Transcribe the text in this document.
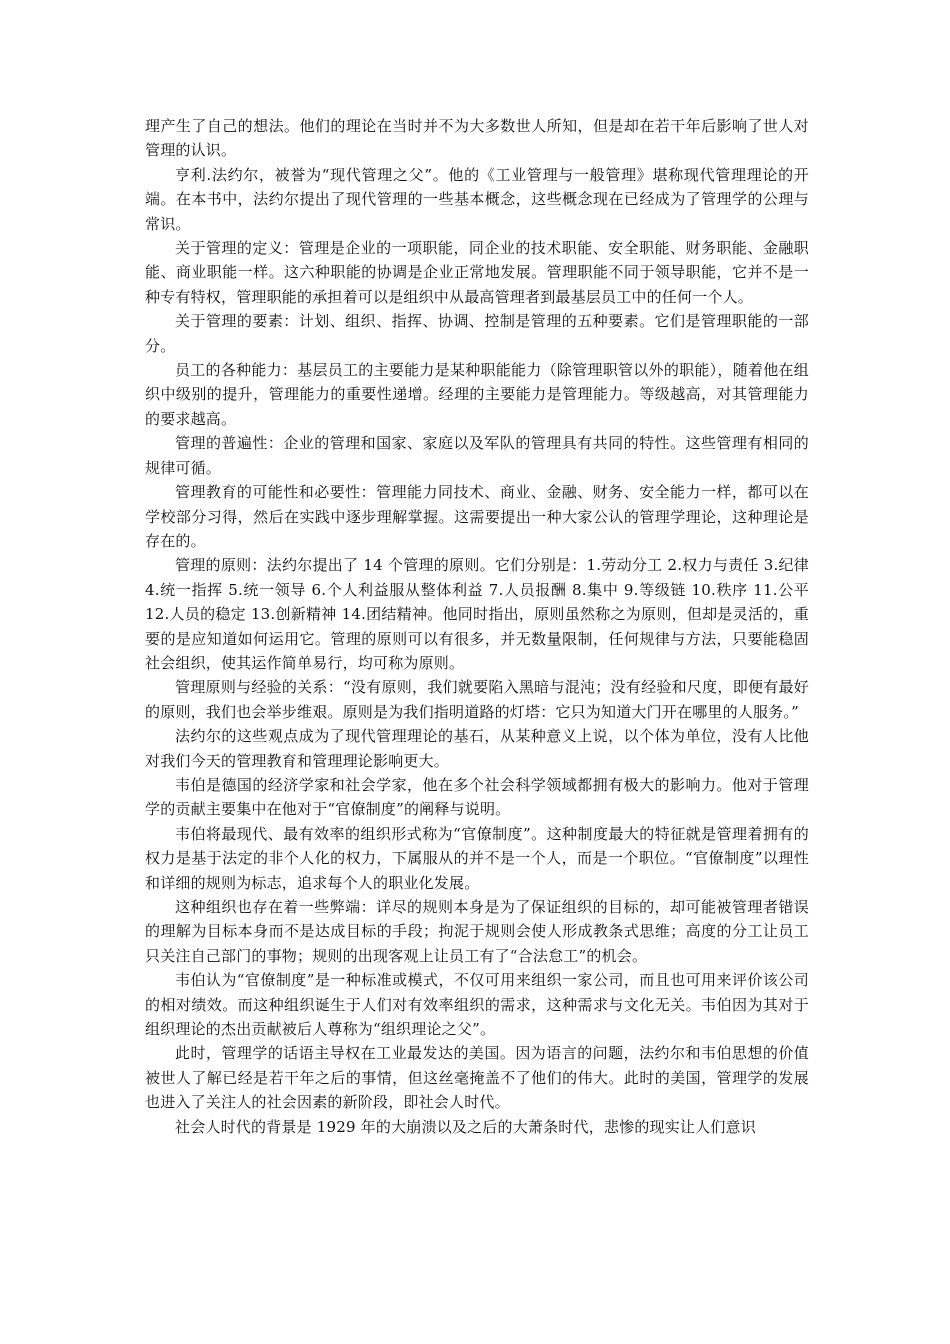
理产生了自己的想法。他们的理论在当时并不为大多数世人所知，但是却在若干年后影响了世人对管理的认识。

亨利.法约尔，被誉为“现代管理之父”。他的《工业管理与一般管理》堪称现代管理理论的开端。在本书中，法约尔提出了现代管理的一些基本概念，这些概念现在已经成为了管理学的公理与常识。

关于管理的定义：管理是企业的一项职能，同企业的技术职能、安全职能、财务职能、金融职能、商业职能一样。这六种职能的协调是企业正常地发展。管理职能不同于领导职能，它并不是一种专有特权，管理职能的承担着可以是组织中从最高管理者到最基层员工中的任何一个人。

关于管理的要素：计划、组织、指挥、协调、控制是管理的五种要素。它们是管理职能的一部分。

员工的各种能力：基层员工的主要能力是某种职能能力（除管理职管以外的职能），随着他在组织中级别的提升，管理能力的重要性递增。经理的主要能力是管理能力。等级越高，对其管理能力的要求越高。

管理的普遍性：企业的管理和国家、家庭以及军队的管理具有共同的特性。这些管理有相同的规律可循。

管理教育的可能性和必要性：管理能力同技术、商业、金融、财务、安全能力一样，都可以在学校部分习得，然后在实践中逐步理解掌握。这需要提出一种大家公认的管理学理论，这种理论是存在的。

管理的原则：法约尔提出了 14 个管理的原则。它们分别是：1.劳动分工 2.权力与责任 3.纪律 4.统一指挥 5.统一领导 6.个人利益服从整体利益 7.人员报酬 8.集中 9.等级链 10.秩序 11.公平 12.人员的稳定 13.创新精神 14.团结精神。他同时指出，原则虽然称之为原则，但却是灵活的，重要的是应知道如何运用它。管理的原则可以有很多，并无数量限制，任何规律与方法，只要能稳固社会组织，使其运作简单易行，均可称为原则。

管理原则与经验的关系：“没有原则，我们就要陷入黑暗与混沌；没有经验和尺度，即便有最好的原则，我们也会举步维艰。原则是为我们指明道路的灯塔：它只为知道大门开在哪里的人服务。”

法约尔的这些观点成为了现代管理理论的基石，从某种意义上说，以个体为单位，没有人比他对我们今天的管理教育和管理理论影响更大。

韦伯是德国的经济学家和社会学家，他在多个社会科学领域都拥有极大的影响力。他对于管理学的贡献主要集中在他对于“官僚制度”的阐释与说明。

韦伯将最现代、最有效率的组织形式称为“官僚制度”。这种制度最大的特征就是管理着拥有的权力是基于法定的非个人化的权力，下属服从的并不是一个人，而是一个职位。“官僚制度”以理性和详细的规则为标志，追求每个人的职业化发展。

这种组织也存在着一些弊端：详尽的规则本身是为了保证组织的目标的，却可能被管理者错误的理解为目标本身而不是达成目标的手段；拘泥于规则会使人形成教条式思维；高度的分工让员工只关注自己部门的事物；规则的出现客观上让员工有了“合法怠工”的机会。

韦伯认为“官僚制度”是一种标准或模式，不仅可用来组织一家公司，而且也可用来评价该公司的相对绩效。而这种组织诞生于人们对有效率组织的需求，这种需求与文化无关。韦伯因为其对于组织理论的杰出贡献被后人尊称为“组织理论之父”。

此时，管理学的话语主导权在工业最发达的美国。因为语言的问题，法约尔和韦伯思想的价值被世人了解已经是若干年之后的事情，但这丝毫掩盖不了他们的伟大。此时的美国，管理学的发展也进入了关注人的社会因素的新阶段，即社会人时代。

社会人时代的背景是 1929 年的大崩溃以及之后的大萧条时代，悲惨的现实让人们意识
